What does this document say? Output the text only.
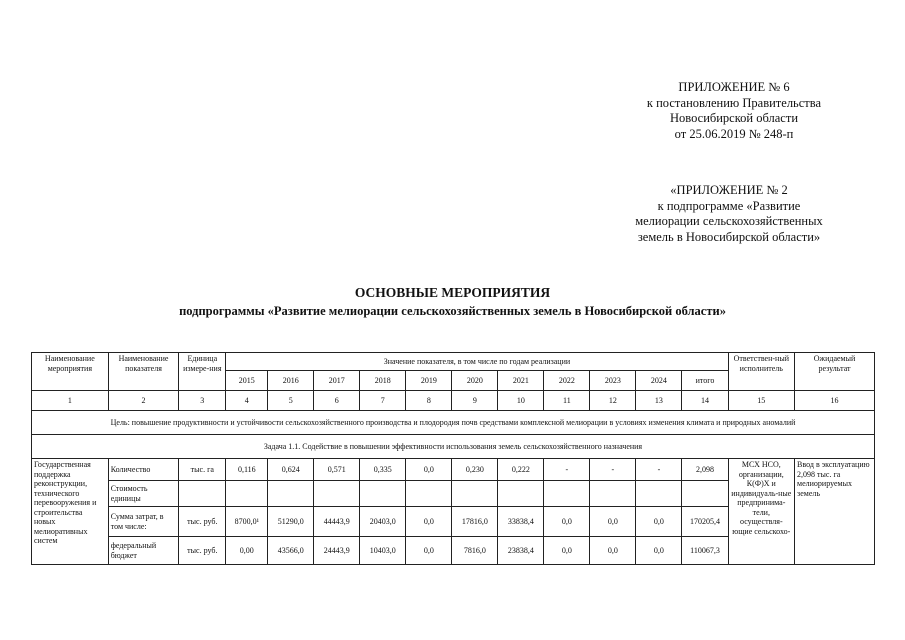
ПРИЛОЖЕНИЕ № 6
к постановлению Правительства
Новосибирской области
от 25.06.2019 № 248-п
«ПРИЛОЖЕНИЕ № 2
к подпрограмме «Развитие
мелиорации сельскохозяйственных
земель в Новосибирской области»
ОСНОВНЫЕ МЕРОПРИЯТИЯ
подпрограммы «Развитие мелиорации сельскохозяйственных земель в Новосибирской области»
Наименование мероприятия	Наименование показателя	Единица измере-ния	Значение показателя, в том числе по годам реализации											Ответствен-ный исполнитель	Ожидаемый результат
			2015	2016	2017	2018	2019	2020	2021	2022	2023	2024	итого		
1	2	3	4	5	6	7	8	9	10	11	12	13	14	15	16
Цель: повышение продуктивности и устойчивости сельскохозяйственного производства и плодородия почв средствами комплексной мелиорации в условиях изменения климата и природных аномалий															
Задача 1.1. Содействие в повышении эффективности использования земель сельскохозяйственного назначения															
Государственная поддержка реконструкции, технического перевооружения и строительства новых мелиоративных систем	Количество	тыс. га	0,116	0,624	0,571	0,335	0,0	0,230	0,222	-	-	-	2,098	МСХ НСО, организации, К(Ф)Х и индивидуаль-ные предпринима-тели, осуществля-ющие сельскохо-	Ввод в эксплуатацию 2,098 тыс. га мелиорируемых земель
	Стоимость единицы														
	Сумма затрат, в том числе:	тыс. руб.	8700,0¹	51290,0	44443,9	20403,0	0,0	17816,0	33838,4	0,0	0,0	0,0	170205,4		
	федеральный бюджет	тыс. руб.	0,00	43566,0	24443,9	10403,0	0,0	7816,0	23838,4	0,0	0,0	0,0	110067,3		
